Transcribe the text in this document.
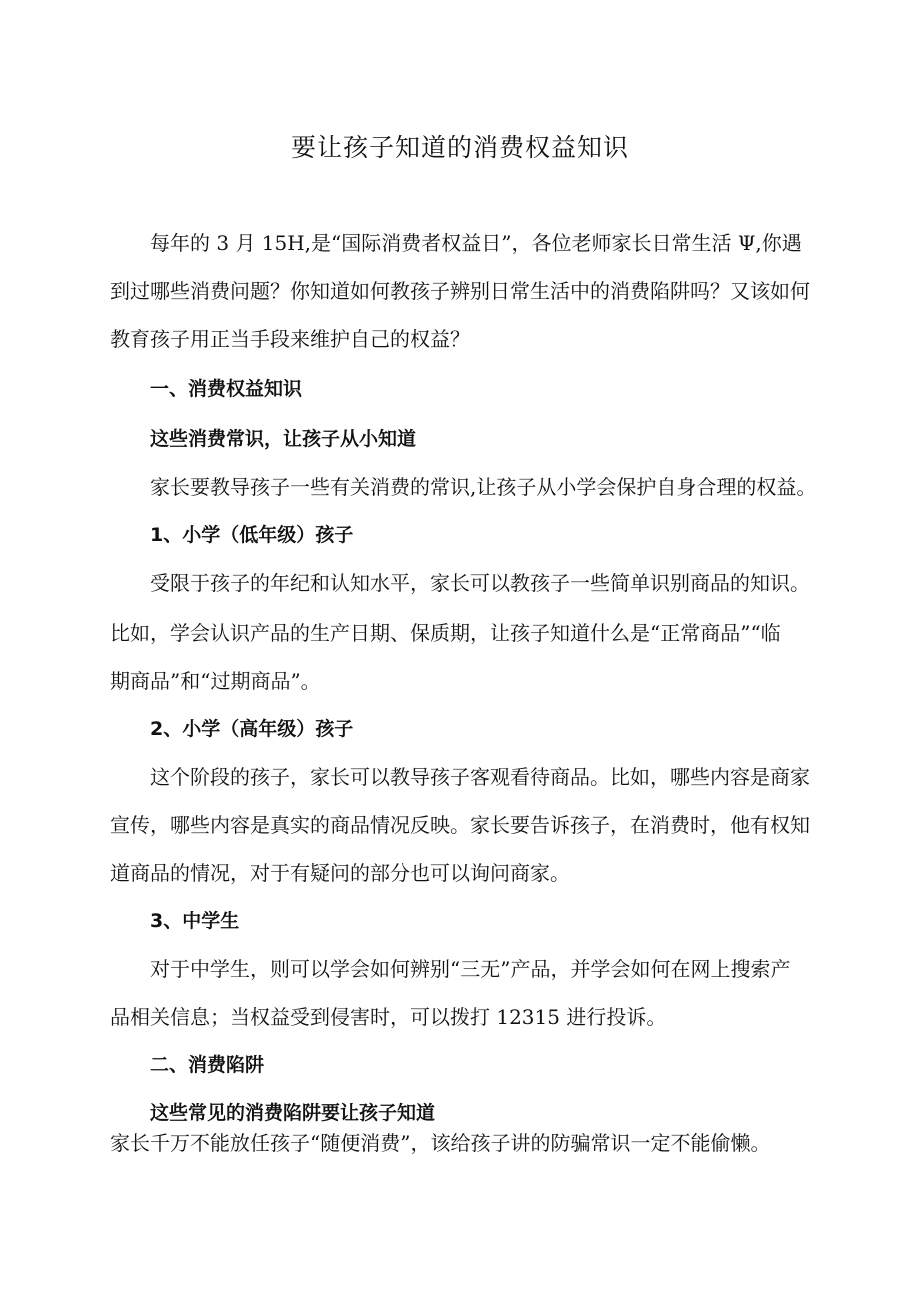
要让孩子知道的消费权益知识
每年的 3 月 15H,是“国际消费者权益日”，各位老师家长日常生活 Ψ,你遇
到过哪些消费问题？你知道如何教孩子辨别日常生活中的消费陷阱吗？又该如何
教育孩子用正当手段来维护自己的权益？
一、消费权益知识
这些消费常识，让孩子从小知道
家长要教导孩子一些有关消费的常识,让孩子从小学会保护自身合理的权益。
1、小学（低年级）孩子
受限于孩子的年纪和认知水平，家长可以教孩子一些简单识别商品的知识。
比如，学会认识产品的生产日期、保质期，让孩子知道什么是“正常商品”“临
期商品”和“过期商品”。
2、小学（高年级）孩子
这个阶段的孩子，家长可以教导孩子客观看待商品。比如，哪些内容是商家
宣传，哪些内容是真实的商品情况反映。家长要告诉孩子，在消费时，他有权知
道商品的情况，对于有疑问的部分也可以询问商家。
3、中学生
对于中学生，则可以学会如何辨别“三无”产品，并学会如何在网上搜索产
品相关信息；当权益受到侵害时，可以拨打 12315 进行投诉。
二、消费陷阱
这些常见的消费陷阱要让孩子知道
家长千万不能放任孩子“随便消费”，该给孩子讲的防骗常识一定不能偷懒。
